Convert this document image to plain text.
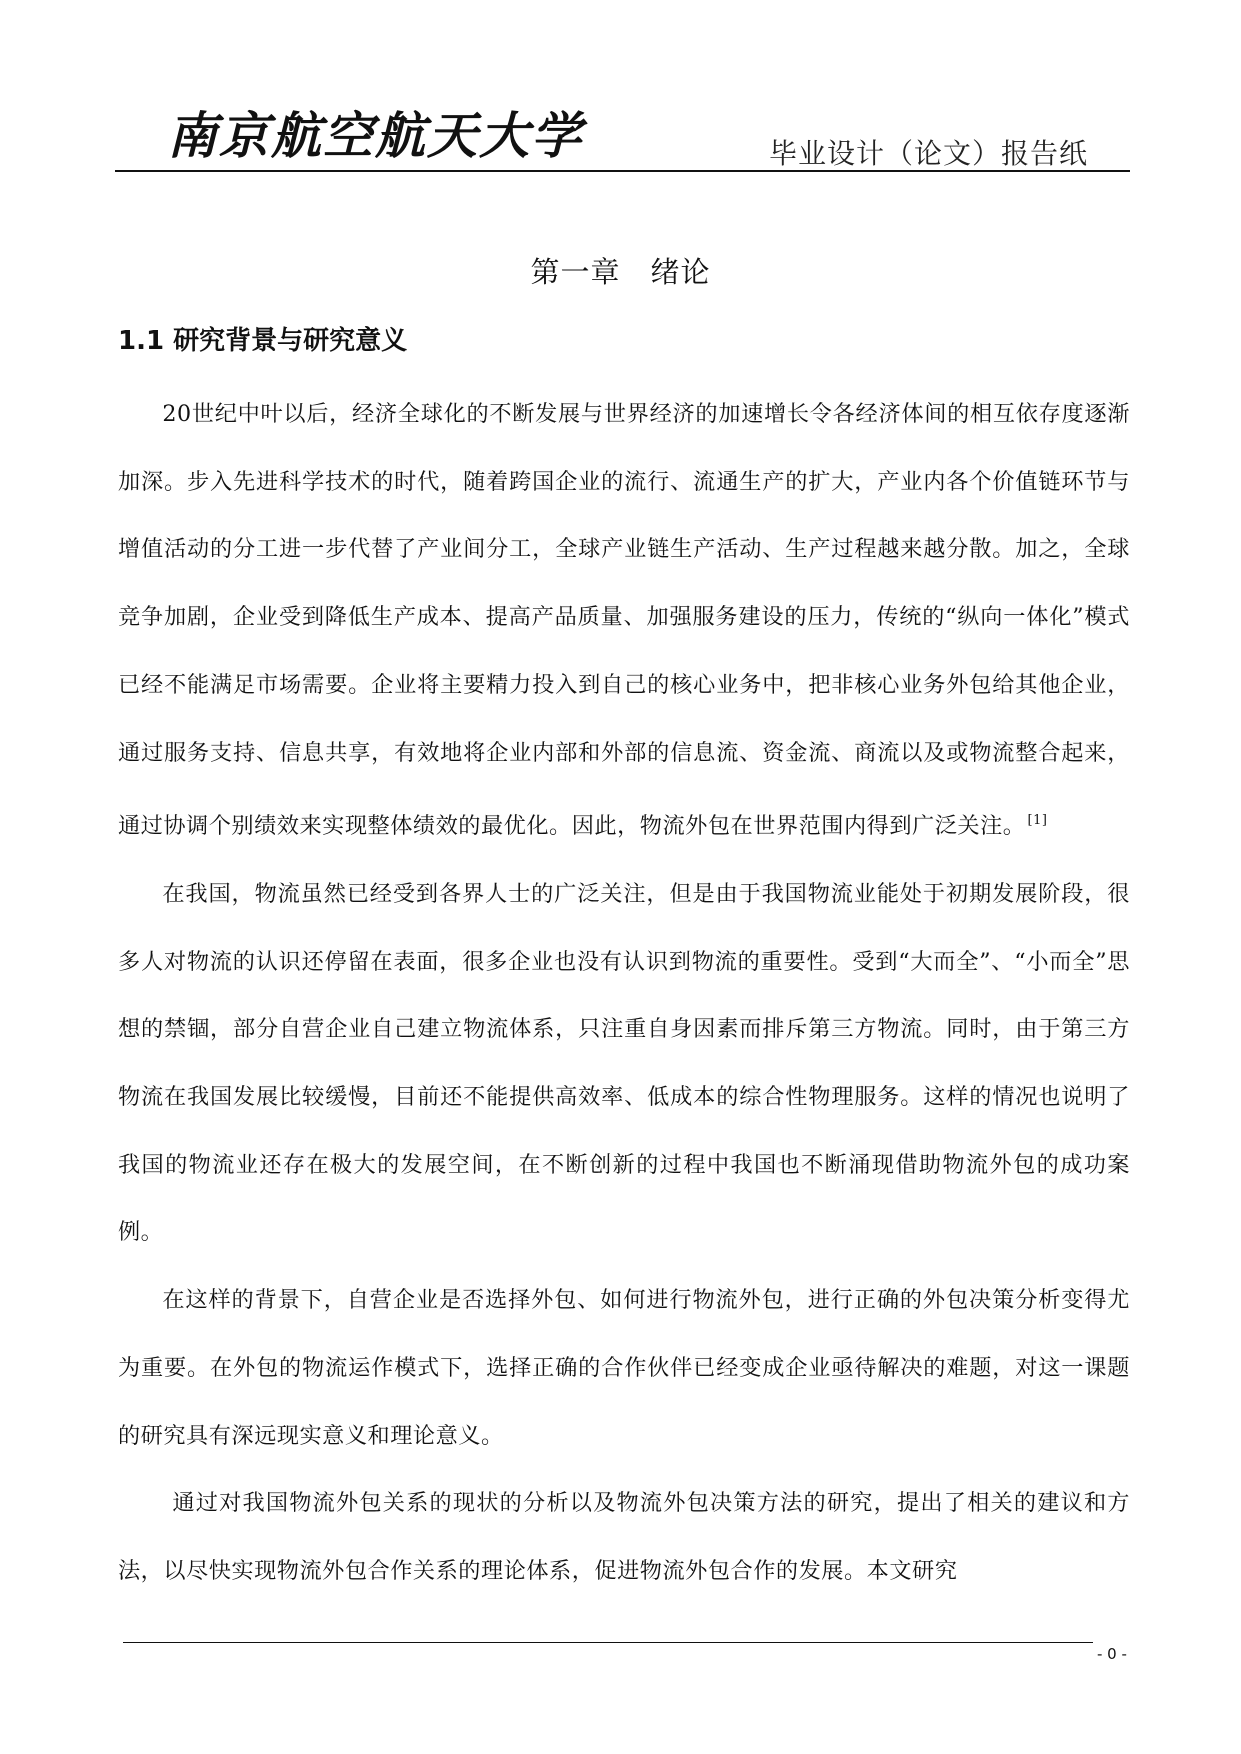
南京航空航天大学	毕业设计（论文）报告纸
第一章　绪论
1.1 研究背景与研究意义

20世纪中叶以后，经济全球化的不断发展与世界经济的加速增长令各经济体间的相互依存度逐渐加深。步入先进科学技术的时代，随着跨国企业的流行、流通生产的扩大，产业内各个价值链环节与增值活动的分工进一步代替了产业间分工，全球产业链生产活动、生产过程越来越分散。加之，全球竞争加剧，企业受到降低生产成本、提高产品质量、加强服务建设的压力，传统的“纵向一体化”模式已经不能满足市场需要。企业将主要精力投入到自己的核心业务中，把非核心业务外包给其他企业，通过服务支持、信息共享，有效地将企业内部和外部的信息流、资金流、商流以及或物流整合起来，通过协调个别绩效来实现整体绩效的最优化。因此，物流外包在世界范围内得到广泛关注。 [1]

在我国，物流虽然已经受到各界人士的广泛关注，但是由于我国物流业能处于初期发展阶段，很多人对物流的认识还停留在表面，很多企业也没有认识到物流的重要性。受到“大而全”、“小而全”思想的禁锢，部分自营企业自己建立物流体系，只注重自身因素而排斥第三方物流。同时，由于第三方物流在我国发展比较缓慢，目前还不能提供高效率、低成本的综合性物理服务。这样的情况也说明了我国的物流业还存在极大的发展空间，在不断创新的过程中我国也不断涌现借助物流外包的成功案例。

在这样的背景下，自营企业是否选择外包、如何进行物流外包，进行正确的外包决策分析变得尤为重要。在外包的物流运作模式下，选择正确的合作伙伴已经变成企业亟待解决的难题，对这一课题的研究具有深远现实意义和理论意义。

通过对我国物流外包关系的现状的分析以及物流外包决策方法的研究，提出了相关的建议和方法，以尽快实现物流外包合作关系的理论体系，促进物流外包合作的发展。本文研究

- 0 -
